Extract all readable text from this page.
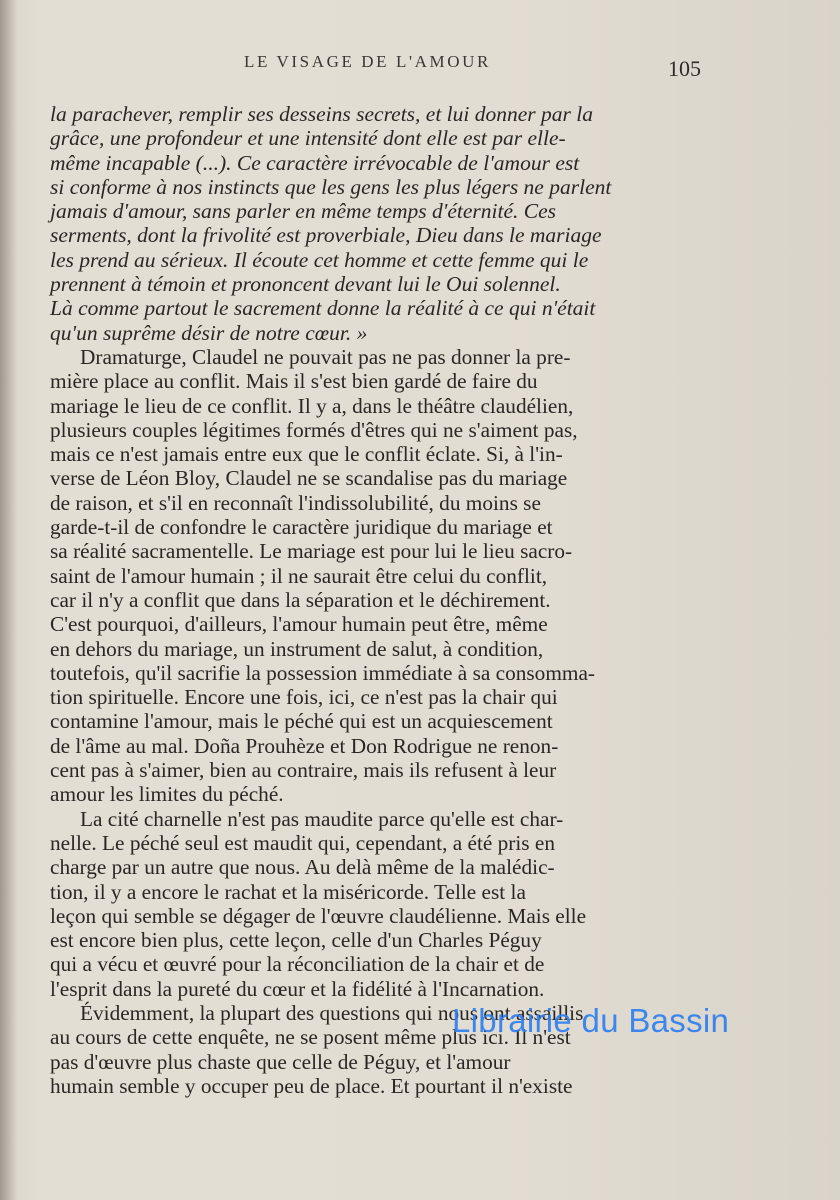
LE VISAGE DE L'AMOUR	105
la parachever, remplir ses desseins secrets, et lui donner par la
grâce, une profondeur et une intensité dont elle est par elle-
même incapable (...). Ce caractère irrévocable de l'amour est
si conforme à nos instincts que les gens les plus légers ne parlent
jamais d'amour, sans parler en même temps d'éternité. Ces
serments, dont la frivolité est proverbiale, Dieu dans le mariage
les prend au sérieux. Il écoute cet homme et cette femme qui le
prennent à témoin et prononcent devant lui le Oui solennel.
Là comme partout le sacrement donne la réalité à ce qui n'était
qu'un suprême désir de notre cœur. »
Dramaturge, Claudel ne pouvait pas ne pas donner la pre-
mière place au conflit. Mais il s'est bien gardé de faire du
mariage le lieu de ce conflit. Il y a, dans le théâtre claudélien,
plusieurs couples légitimes formés d'êtres qui ne s'aiment pas,
mais ce n'est jamais entre eux que le conflit éclate. Si, à l'in-
verse de Léon Bloy, Claudel ne se scandalise pas du mariage
de raison, et s'il en reconnaît l'indissolubilité, du moins se
garde-t-il de confondre le caractère juridique du mariage et
sa réalité sacramentelle. Le mariage est pour lui le lieu sacro-
saint de l'amour humain ; il ne saurait être celui du conflit,
car il n'y a conflit que dans la séparation et le déchirement.
C'est pourquoi, d'ailleurs, l'amour humain peut être, même
en dehors du mariage, un instrument de salut, à condition,
toutefois, qu'il sacrifie la possession immédiate à sa consomma-
tion spirituelle. Encore une fois, ici, ce n'est pas la chair qui
contamine l'amour, mais le péché qui est un acquiescement
de l'âme au mal. Doña Prouhèze et Don Rodrigue ne renon-
cent pas à s'aimer, bien au contraire, mais ils refusent à leur
amour les limites du péché.
La cité charnelle n'est pas maudite parce qu'elle est char-
nelle. Le péché seul est maudit qui, cependant, a été pris en
charge par un autre que nous. Au delà même de la malédic-
tion, il y a encore le rachat et la miséricorde. Telle est la
leçon qui semble se dégager de l'œuvre claudélienne. Mais elle
est encore bien plus, cette leçon, celle d'un Charles Péguy
qui a vécu et œuvré pour la réconciliation de la chair et de
l'esprit dans la pureté du cœur et la fidélité à l'Incarnation.
Évidemment, la plupart des questions qui nous ont assaillis
au cours de cette enquête, ne se posent même plus ici. Il n'est
pas d'œuvre plus chaste que celle de Péguy, et l'amour
humain semble y occuper peu de place. Et pourtant il n'existe
Librairie du Bassin
